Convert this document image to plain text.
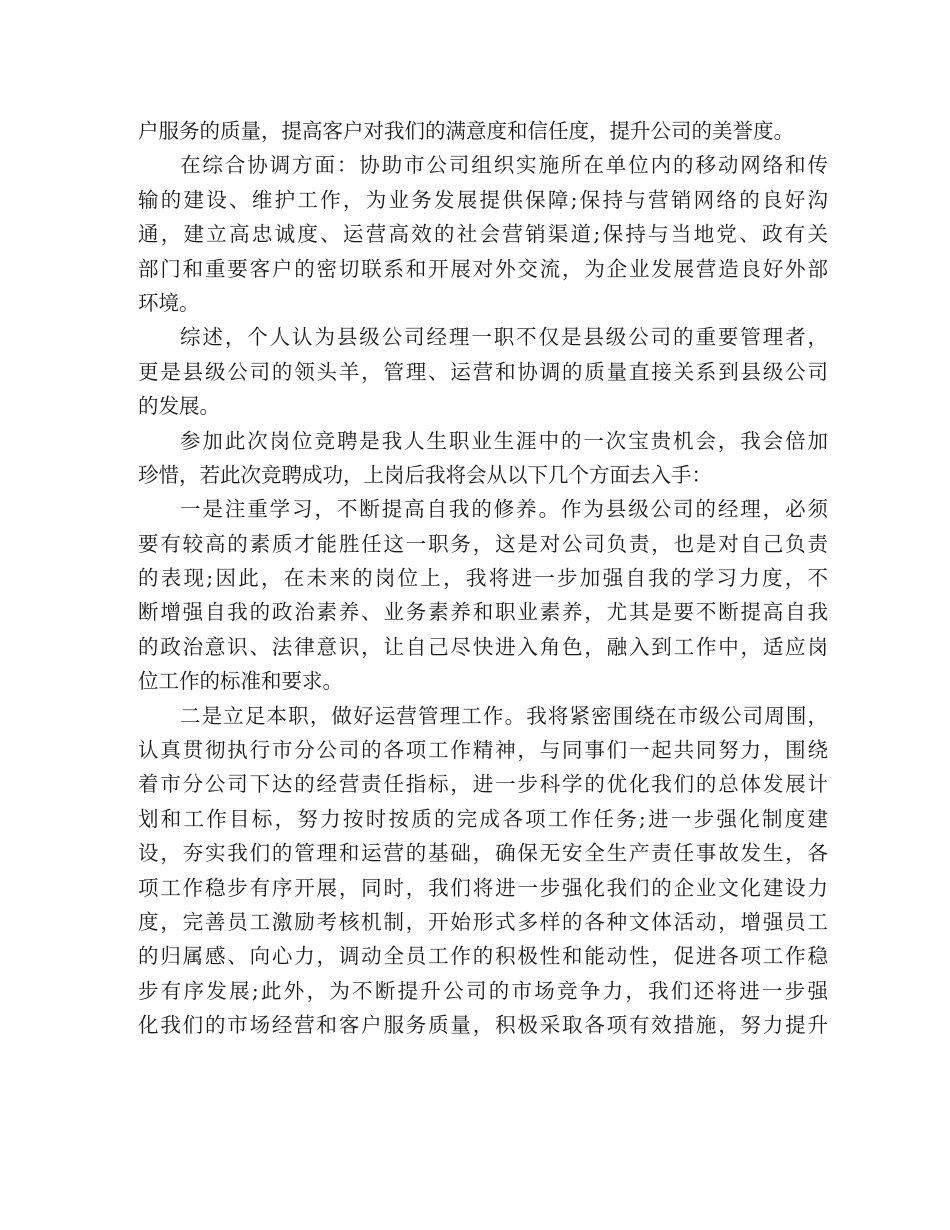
户服务的质量，提高客户对我们的满意度和信任度，提升公司的美誉度。
在综合协调方面：协助市公司组织实施所在单位内的移动网络和传
输的建设、维护工作，为业务发展提供保障;保持与营销网络的良好沟
通，建立高忠诚度、运营高效的社会营销渠道;保持与当地党、政有关
部门和重要客户的密切联系和开展对外交流，为企业发展营造良好外部
环境。
综述，个人认为县级公司经理一职不仅是县级公司的重要管理者，
更是县级公司的领头羊，管理、运营和协调的质量直接关系到县级公司
的发展。
参加此次岗位竞聘是我人生职业生涯中的一次宝贵机会，我会倍加
珍惜，若此次竞聘成功，上岗后我将会从以下几个方面去入手：
一是注重学习，不断提高自我的修养。作为县级公司的经理，必须
要有较高的素质才能胜任这一职务，这是对公司负责，也是对自己负责
的表现;因此，在未来的岗位上，我将进一步加强自我的学习力度，不
断增强自我的政治素养、业务素养和职业素养，尤其是要不断提高自我
的政治意识、法律意识，让自己尽快进入角色，融入到工作中，适应岗
位工作的标准和要求。
二是立足本职，做好运营管理工作。我将紧密围绕在市级公司周围，
认真贯彻执行市分公司的各项工作精神，与同事们一起共同努力，围绕
着市分公司下达的经营责任指标，进一步科学的优化我们的总体发展计
划和工作目标，努力按时按质的完成各项工作任务;进一步强化制度建
设，夯实我们的管理和运营的基础，确保无安全生产责任事故发生，各
项工作稳步有序开展，同时，我们将进一步强化我们的企业文化建设力
度，完善员工激励考核机制，开始形式多样的各种文体活动，增强员工
的归属感、向心力，调动全员工作的积极性和能动性，促进各项工作稳
步有序发展;此外，为不断提升公司的市场竞争力，我们还将进一步强
化我们的市场经营和客户服务质量，积极采取各项有效措施，努力提升
